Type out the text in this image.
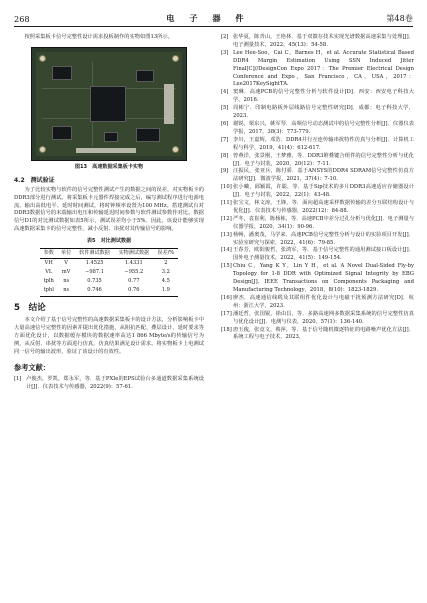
268	电 子 器 件	第48卷

按照采集板卡信号完整性设计需求投板制作的实物如图13所示。

图13　高速数据采集板卡实物
4.2　测试验证

为了比较实物与软件的信号完整性测试产生的数据之间的误差，对实物板卡的DDR3部分进行测试。将采集板卡元器件焊接完成之后，编写测试程序进行电源电流、输出高低电平、延时时间测试，将时钟频率设置为100 MHz。搭建测试台对DDR3数据信号的末端输出电压和传输延迟时间参数与软件测试参数作对比。数据信号D1的对比测试数据如表5所示，测试误差均小于5%。因此，该设计能够实现高速数据采集卡的信号完整性，减小反射、串扰对其传输信号的影响。

表5　对比测试数据
参数	单位	软件测试数据	实物测试数据	误差/%
VH	V	1.4525	1.4331	2
VL	mV	−987.1	−955.2	3.2
tplh	ns	0.735	0.77	4.5
tphl	ns	0.746	0.76	1.9
5　结论

本文介绍了基于信号完整性的高速数据采集板卡的设计方法，分析影响板卡中大量高速信号完整性的因素并提出优化措施，从阻抗匹配、叠层设计、延时要求等方面优化设计，以数据缓存模块的数据速率高达1 866 Mbyte/s的传输信号为例，从反射、串扰等方面进行仿真，仿真结果满足设计需求。将实物板卡上电测试同一信号的输出波形，验证了该设计的有效性。

参考文献：
[1] 卢俊杰，罗凯，郑永军，等．基于PXIe的EPS试验台多通道数据采集系统设计[J]．仪表技术与传感器，2022(9)：57-61.
[2] 张华夏，陈青山，王艳林．基于双馈存技术实现光谱数据高速采集与处理[J]．电子测量技术，2022，45(13)：54-58.
[3] Lee Hee-Soo，Cai C，Barnes H，et al. Accurate Statistical Based DDR4 Margin Estimation Using SSN Induced Jitter Final[C]//DesignCon Expo 2017：The Premier Electrical Design Conference and Expo，San Francisco，CA，USA，2017：Lee2017KeySightTA.
[4] 窦琳．高速PCB的信号完整性分析与软件设计[D]．西安：西安电子科技大学，2016.
[5] 周彬宁．印制电路板外层线路信号完整性研究[D]．成都：电子科技大学，2023.
[6] 谢锐，栗东兴，姚军琴．高频信号动态测试中的信号完整性分析[J]．仪器仪表学报，2017，38(3)：773-779.
[7] 李川，王嘉辉，邓浩．DDR4并行互连传输串扰特性仿真与分析[J]．计算机工程与科学，2019，41(4)：612-617.
[8] 曾燕洋，张景刚，王梦雅，等．DDR3堆叠键合组件的信号完整性分析与优化[J]．电子与封装，2020，20(12)：7-11.
[9] 汪振民，张亚兵，陈付骄．基于ANSYS的DDR4 SDRAM信号完整性仿真方法研究[J]．微波学报，2021，37(4)：7-10.
[10] 张小曦，邱颖霞，许聪，等．基于Sip技术的多片DDR3高速适应存储器设计[J]．电子与封装，2022，22(1)：43-48.
[11] 张宝文，林文涛，王锋，等．面向超高速采样数据传输的差分互联结构设计与优化[J]．仪表技术与传感器，2022(12)：84-88.
[12] 严冬，袁崔利，陈杨栋，等．高速PCB中差分过孔分析与优化[J]．电子测量与仪器学报，2020，34(1)：90-96.
[13] 杨畅，潘奥茂，马学来．高速PCB信号完整性分析与设计的实验项目开发[J]．实验室研究与探索，2022，41(6)：79-85.
[14] 王春芳，欧阳骏哲，张鸿军，等．基于信号完整性的通用测试接口板设计[J]．国外电子测量技术，2022，41(5)：149-154.
[15] Chiu C，Yang K Y，Lin Y H，et al. A Novel Dual-Sided Fly-by Topology for 1-8 DDR with Optimized Signal Integrity by EBG Design[J]. IEEE Transactions on Components Packaging and Manufacturing Technology，2018，8(10)：1823-1829.
[16] 廖杰．高速通信线缆及其联组件优化设计与电磁干扰预测方法研究[D]．杭州：浙江大学，2023.
[17] 潘廷哲，张国锟，徐由昌，等．多路高速网多数据采集系统的信号完整性仿真与优化设计[J]．电测与仪表，2020，57(1)：136-140.
[18] 唐玉俊，张竟文，蔡萍，等．基于信号随机微逐特征的电路噪声优化方法[J]．系统工程与电子技术，2023，
